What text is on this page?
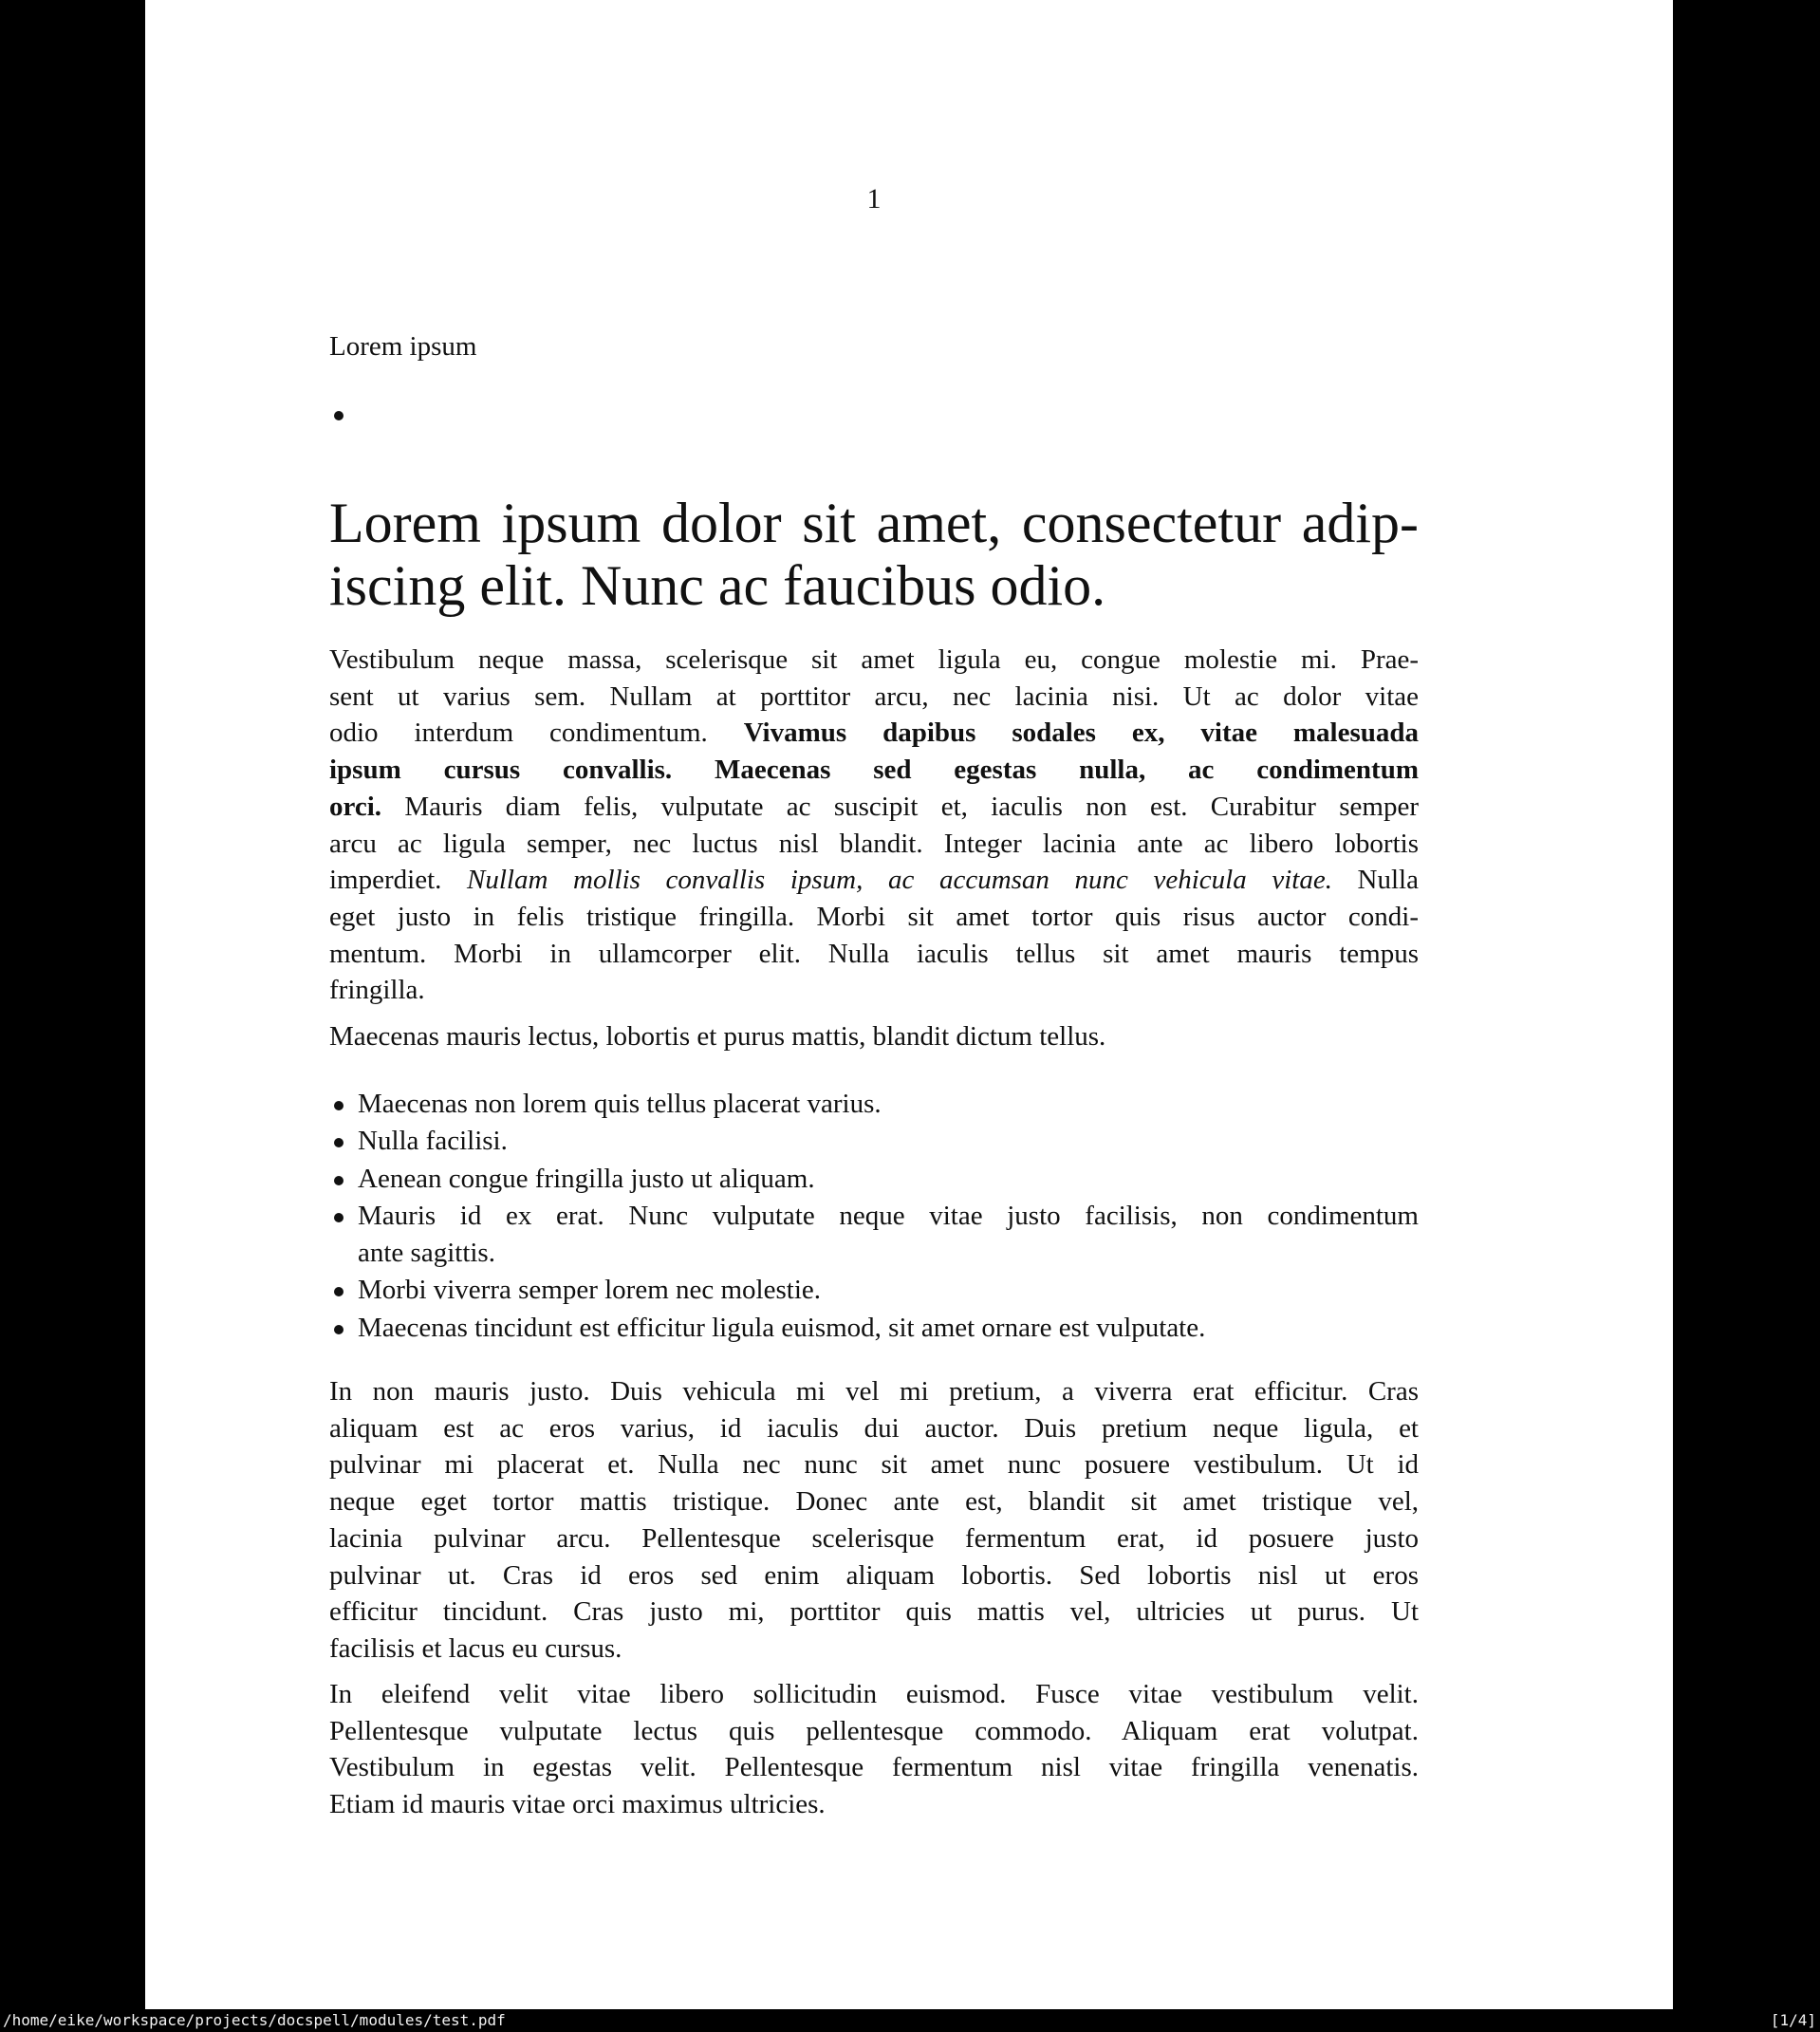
1
Lorem ipsum
Lorem ipsum dolor sit amet, consectetur adip-
iscing elit. Nunc ac faucibus odio.
Vestibulum neque massa, scelerisque sit amet ligula eu, congue molestie mi. Prae-
sent ut varius sem. Nullam at porttitor arcu, nec lacinia nisi. Ut ac dolor vitae
odio interdum condimentum. Vivamus dapibus sodales ex, vitae malesuada
ipsum cursus convallis. Maecenas sed egestas nulla, ac condimentum
orci. Mauris diam felis, vulputate ac suscipit et, iaculis non est. Curabitur semper
arcu ac ligula semper, nec luctus nisl blandit. Integer lacinia ante ac libero lobortis
imperdiet. Nullam mollis convallis ipsum, ac accumsan nunc vehicula vitae. Nulla
eget justo in felis tristique fringilla. Morbi sit amet tortor quis risus auctor condi-
mentum. Morbi in ullamcorper elit. Nulla iaculis tellus sit amet mauris tempus
fringilla.
Maecenas mauris lectus, lobortis et purus mattis, blandit dictum tellus.
Maecenas non lorem quis tellus placerat varius.
Nulla facilisi.
Aenean congue fringilla justo ut aliquam.
Mauris id ex erat. Nunc vulputate neque vitae justo facilisis, non condimentum
ante sagittis.
Morbi viverra semper lorem nec molestie.
Maecenas tincidunt est efficitur ligula euismod, sit amet ornare est vulputate.
In non mauris justo. Duis vehicula mi vel mi pretium, a viverra erat efficitur. Cras
aliquam est ac eros varius, id iaculis dui auctor. Duis pretium neque ligula, et
pulvinar mi placerat et. Nulla nec nunc sit amet nunc posuere vestibulum. Ut id
neque eget tortor mattis tristique. Donec ante est, blandit sit amet tristique vel,
lacinia pulvinar arcu. Pellentesque scelerisque fermentum erat, id posuere justo
pulvinar ut. Cras id eros sed enim aliquam lobortis. Sed lobortis nisl ut eros
efficitur tincidunt. Cras justo mi, porttitor quis mattis vel, ultricies ut purus. Ut
facilisis et lacus eu cursus.
In eleifend velit vitae libero sollicitudin euismod. Fusce vitae vestibulum velit.
Pellentesque vulputate lectus quis pellentesque commodo. Aliquam erat volutpat.
Vestibulum in egestas velit. Pellentesque fermentum nisl vitae fringilla venenatis.
Etiam id mauris vitae orci maximus ultricies.
/home/eike/workspace/projects/docspell/modules/test.pdf	[1/4]
